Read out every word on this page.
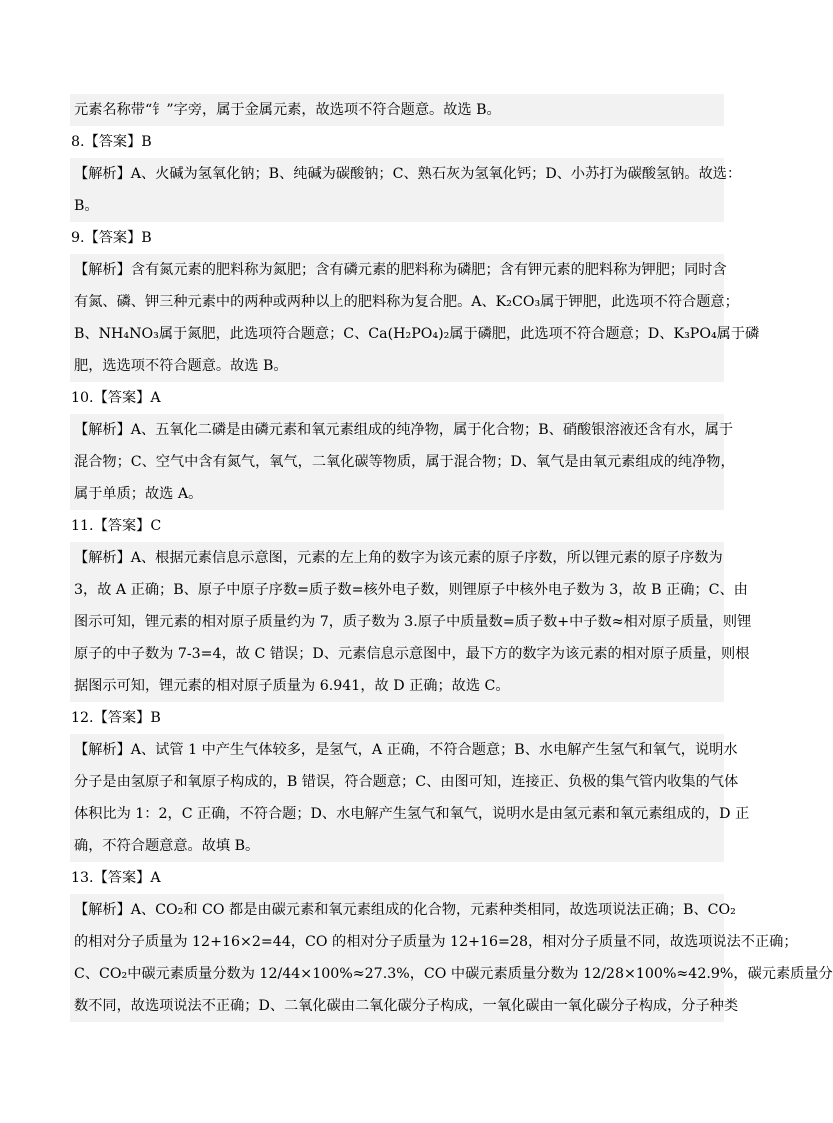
元素名称带“钅”字旁，属于金属元素，故选项不符合题意。故选 B。
8.【答案】B
【解析】A、火碱为氢氧化钠；B、纯碱为碳酸钠；C、熟石灰为氢氧化钙；D、小苏打为碳酸氢钠。故选：
B。
9.【答案】B
【解析】含有氮元素的肥料称为氮肥；含有磷元素的肥料称为磷肥；含有钾元素的肥料称为钾肥；同时含
有氮、磷、钾三种元素中的两种或两种以上的肥料称为复合肥。A、K₂CO₃属于钾肥，此选项不符合题意；
B、NH₄NO₃属于氮肥，此选项符合题意；C、Ca(H₂PO₄)₂属于磷肥，此选项不符合题意；D、K₃PO₄属于磷
肥，选选项不符合题意。故选 B。
10.【答案】A
【解析】A、五氧化二磷是由磷元素和氧元素组成的纯净物，属于化合物；B、硝酸银溶液还含有水，属于
混合物；C、空气中含有氮气，氧气，二氧化碳等物质，属于混合物；D、氧气是由氧元素组成的纯净物，
属于单质；故选 A。
11.【答案】C
【解析】A、根据元素信息示意图，元素的左上角的数字为该元素的原子序数，所以锂元素的原子序数为
3，故 A 正确；B、原子中原子序数=质子数=核外电子数，则锂原子中核外电子数为 3，故 B 正确；C、由
图示可知，锂元素的相对原子质量约为 7，质子数为 3.原子中质量数=质子数+中子数≈相对原子质量，则锂
原子的中子数为 7-3=4，故 C 错误；D、元素信息示意图中，最下方的数字为该元素的相对原子质量，则根
据图示可知，锂元素的相对原子质量为 6.941，故 D 正确；故选 C。
12.【答案】B
【解析】A、试管 1 中产生气体较多，是氢气，A 正确，不符合题意；B、水电解产生氢气和氧气，说明水
分子是由氢原子和氧原子构成的，B 错误，符合题意；C、由图可知，连接正、负极的集气管内收集的气体
体积比为 1：2，C 正确，不符合题；D、水电解产生氢气和氧气，说明水是由氢元素和氧元素组成的，D 正
确，不符合题意意。故填 B。
13.【答案】A
【解析】A、CO₂和 CO 都是由碳元素和氧元素组成的化合物，元素种类相同，故选项说法正确；B、CO₂
的相对分子质量为 12+16×2=44，CO 的相对分子质量为 12+16=28，相对分子质量不同，故选项说法不正确；
C、CO₂中碳元素质量分数为 12/44×100%≈27.3%，CO 中碳元素质量分数为 12/28×100%≈42.9%，碳元素质量分
数不同，故选项说法不正确；D、二氧化碳由二氧化碳分子构成，一氧化碳由一氧化碳分子构成，分子种类
